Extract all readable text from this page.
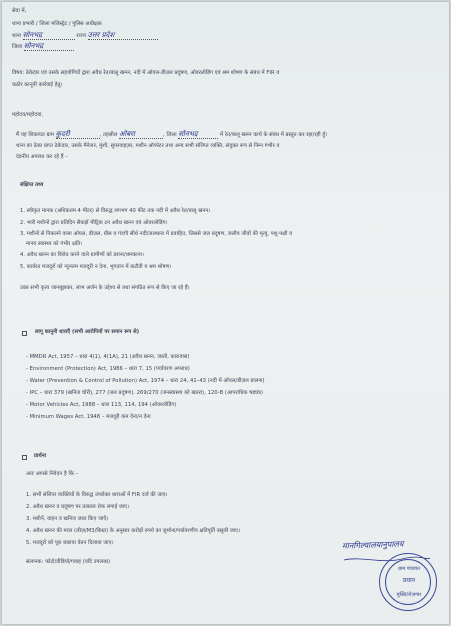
सेवा में,
थाना प्रभारी / जिला मजिस्ट्रेट / पुलिस अधीक्षक
थाना सोनभद्र	राज्य उत्तर प्रदेश
जिला सोनभद्र
विषय: ठेकेदार एवं उसके सहयोगियों द्वारा अवैध रेत/बालू खनन, नदी में ऑयल-डीज़ल प्रदूषण, ओवरलोडिंग एवं श्रम शोषण के संबंध में FIR व
कठोर कानूनी कार्रवाई हेतु।
महोदय/महोदया,
मैं यह शिकायत ग्राम कुदरी	, तहसील ओबरा	, जिला सोनभद्र	में रेत/बालू खनन कार्य के संबंध में प्रस्तुत कर रहा/रही हूँ।
थाना का ठेका प्राप्त ठेकेदार, उसके मैनेजर, मुंशी, सुपरवाइज़र, मशीन ऑपरेटर तथा अन्य सभी संलिप्त व्यक्ति, संयुक्त रूप से निम्न गंभीर व
दंडनीय अपराध कर रहे हैं –
संक्षिप्त तथ्य
1. स्वीकृत मानक (अधिकतम 4 मीटर) से विरुद्ध लगभग 40 फीट तक नदी में अवैध रेत/बालू खनन।
2. भारी मशीनों द्वारा प्रतिदिन सैकड़ों मीट्रिक टन अवैध खनन एवं ओवरलोडिंग।
3. मशीनों से निकलने वाला ऑयल, डीज़ल, ग्रीस व गंदगी सीधे नदी/जलधारा में प्रवाहित, जिससे जल प्रदूषण, जलीय जीवों की मृत्यु, पशु-पक्षी व
मानव स्वास्थ्य को गंभीर क्षति।
4. अवैध खनन का विरोध करने वाले ग्रामीणों को डराना/धमकाना।
5. कार्यरत मजदूरों को न्यूनतम मजदूरी न देना, भुगतान में कटौती व श्रम शोषण।
उक्त सभी कृत्य जानबूझकर, लाभ अर्जन के उद्देश्य से तथा संगठित रूप से किए जा रहे हैं।
लागू कानूनी धाराएँ (सभी आरोपियों पर समान रूप से)
- MMDR Act, 1957 – धारा 4(1), 4(1A), 21 (अवैध खनन, जब्ती, कारावास)
- Environment (Protection) Act, 1986 – धारा 7, 15 (पर्यावरण अपराध)
- Water (Prevention & Control of Pollution) Act, 1974 – धारा 24, 41–43 (नदी में ऑयल/डीज़ल डालना)
- IPC – धारा 379 (खनिज चोरी), 277 (जल प्रदूषण), 269/270 (जनस्वास्थ्य को खतरा), 120-B (आपराधिक षड्यंत्र)
- Motor Vehicles Act, 1988 – धारा 113, 114, 194 (ओवरलोडिंग)
- Minimum Wages Act, 1948 – मजदूरी कम देना/न देना
प्रार्थना
अतः आपसे निवेदन है कि –
1. सभी संलिप्त व्यक्तियों के विरुद्ध उपरोक्त धाराओं में FIR दर्ज की जाए।
2. अवैध खनन व प्रदूषण पर तत्काल रोक लगाई जाए।
3. मशीनें, वाहन व खनिज जब्त किए जाएँ।
4. अवैध खनन की मात्रा (लीज़/M3/किग्रा) के अनुसार करोड़ों रुपये का जुर्माना/पर्यावरणीय क्षतिपूर्ति वसूली जाए।
5. मजदूरों को पूरा बकाया वेतन दिलाया जाए।
संलग्नक: फोटो/वीडियो/गवाह (यदि उपलब्ध)
मानगिल्यालयानुपालय
ग्राम पंचायत
प्रधान
मुक्ति/रोज़गार
